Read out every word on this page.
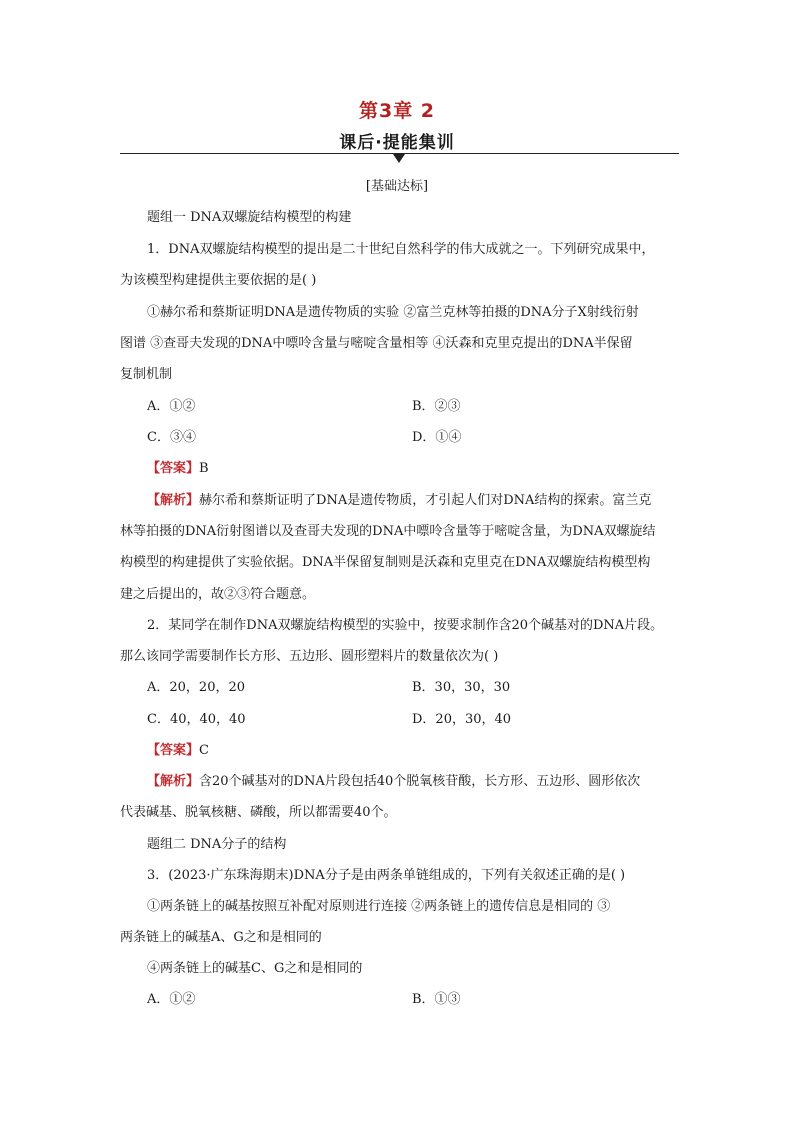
第3章 2
课后·提能集训
[基础达标]
题组一 DNA双螺旋结构模型的构建
1．DNA双螺旋结构模型的提出是二十世纪自然科学的伟大成就之一。下列研究成果中，
为该模型构建提供主要依据的是( )
①赫尔希和蔡斯证明DNA是遗传物质的实验 ②富兰克林等拍摄的DNA分子X射线衍射
图谱 ③查哥夫发现的DNA中嘌呤含量与嘧啶含量相等 ④沃森和克里克提出的DNA半保留
复制机制
A．①②	B．②③
C．③④	D．①④
【答案】B
【解析】赫尔希和蔡斯证明了DNA是遗传物质，才引起人们对DNA结构的探索。富兰克
林等拍摄的DNA衍射图谱以及查哥夫发现的DNA中嘌呤含量等于嘧啶含量，为DNA双螺旋结
构模型的构建提供了实验依据。DNA半保留复制则是沃森和克里克在DNA双螺旋结构模型构
建之后提出的，故②③符合题意。
2．某同学在制作DNA双螺旋结构模型的实验中，按要求制作含20个碱基对的DNA片段。
那么该同学需要制作长方形、五边形、圆形塑料片的数量依次为( )
A．20，20，20	B．30，30，30
C．40，40，40	D．20，30，40
【答案】C
【解析】含20个碱基对的DNA片段包括40个脱氧核苷酸，长方形、五边形、圆形依次
代表碱基、脱氧核糖、磷酸，所以都需要40个。
题组二 DNA分子的结构
3．(2023·广东珠海期末)DNA分子是由两条单链组成的，下列有关叙述正确的是( )
①两条链上的碱基按照互补配对原则进行连接 ②两条链上的遗传信息是相同的 ③
两条链上的碱基A、G之和是相同的
④两条链上的碱基C、G之和是相同的
A．①②	B．①③
